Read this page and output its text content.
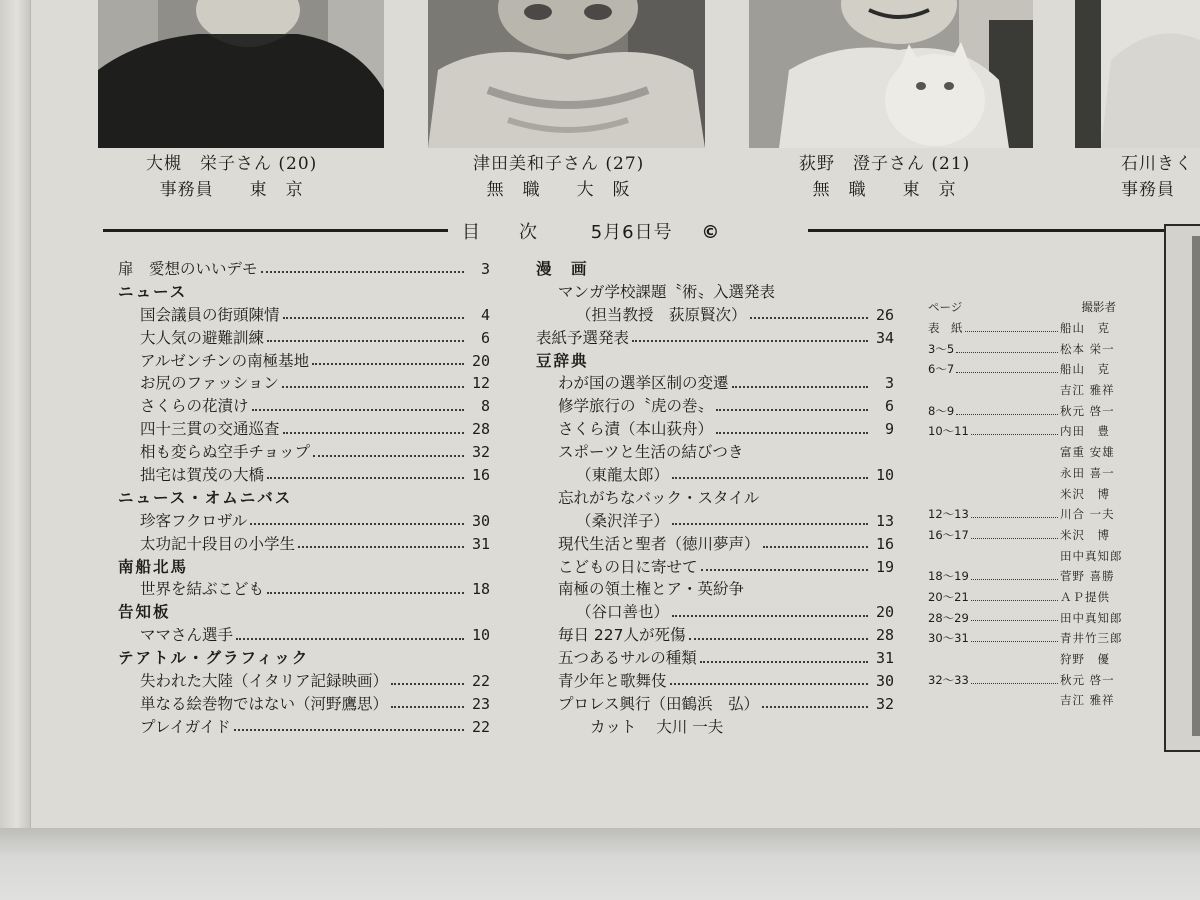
大槻　栄子さん (20)
事務員　　東　京
津田美和子さん (27)
無　職　　大　阪
荻野　澄子さん (21)
無　職　　東　京
石川きく
事務員
目 次	5月6日号 ©
扉　愛想のいいデモ	3
ニュース
国会議員の街頭陳情	4
大人気の避難訓練	6
アルゼンチンの南極基地	20
お尻のファッション	12
さくらの花漬け	8
四十三貫の交通巡査	28
相も変らぬ空手チョップ	32
拙宅は賀茂の大橋	16
ニュース・オムニバス
珍客フクロザル	30
太功記十段目の小学生	31
南船北馬
世界を結ぶこども	18
告知板
ママさん選手	10
テアトル・グラフィック
失われた大陸（イタリア記録映画）	22
単なる絵巻物ではない（河野鷹思）	23
プレイガイド	22
漫　画
マンガ学校課題〝術〟入選発表
（担当教授　荻原賢次）	26
表紙予選発表	34
豆辞典
わが国の選挙区制の変遷	3
修学旅行の〝虎の巻〟	6
さくら漬（本山荻舟）	9
スポーツと生活の結びつき
（東龍太郎）	10
忘れがちなバック・スタイル
（桑沢洋子）	13
現代生活と聖者（徳川夢声）	16
こどもの日に寄せて	19
南極の領土権とア・英紛争
（谷口善也）	20
毎日 227人が死傷	28
五つあるサルの種類	31
青少年と歌舞伎	30
プロレス興行（田鶴浜　弘）	32
カット 大川 一夫
ページ	撮影者
表　紙	船山　克
3～5	松本 栄一
6～7	船山　克
吉江 雅祥
8～9	秋元 啓一
10～11	内田　豊
富重 安雄
永田 喜一
米沢　博
12～13	川合 一夫
16～17	米沢　博
田中真知郎
18～19	菅野 喜勝
20～21	ＡＰ提供
28～29	田中真知郎
30～31	青井竹三郎
狩野　優
32～33	秋元 啓一
吉江 雅祥
